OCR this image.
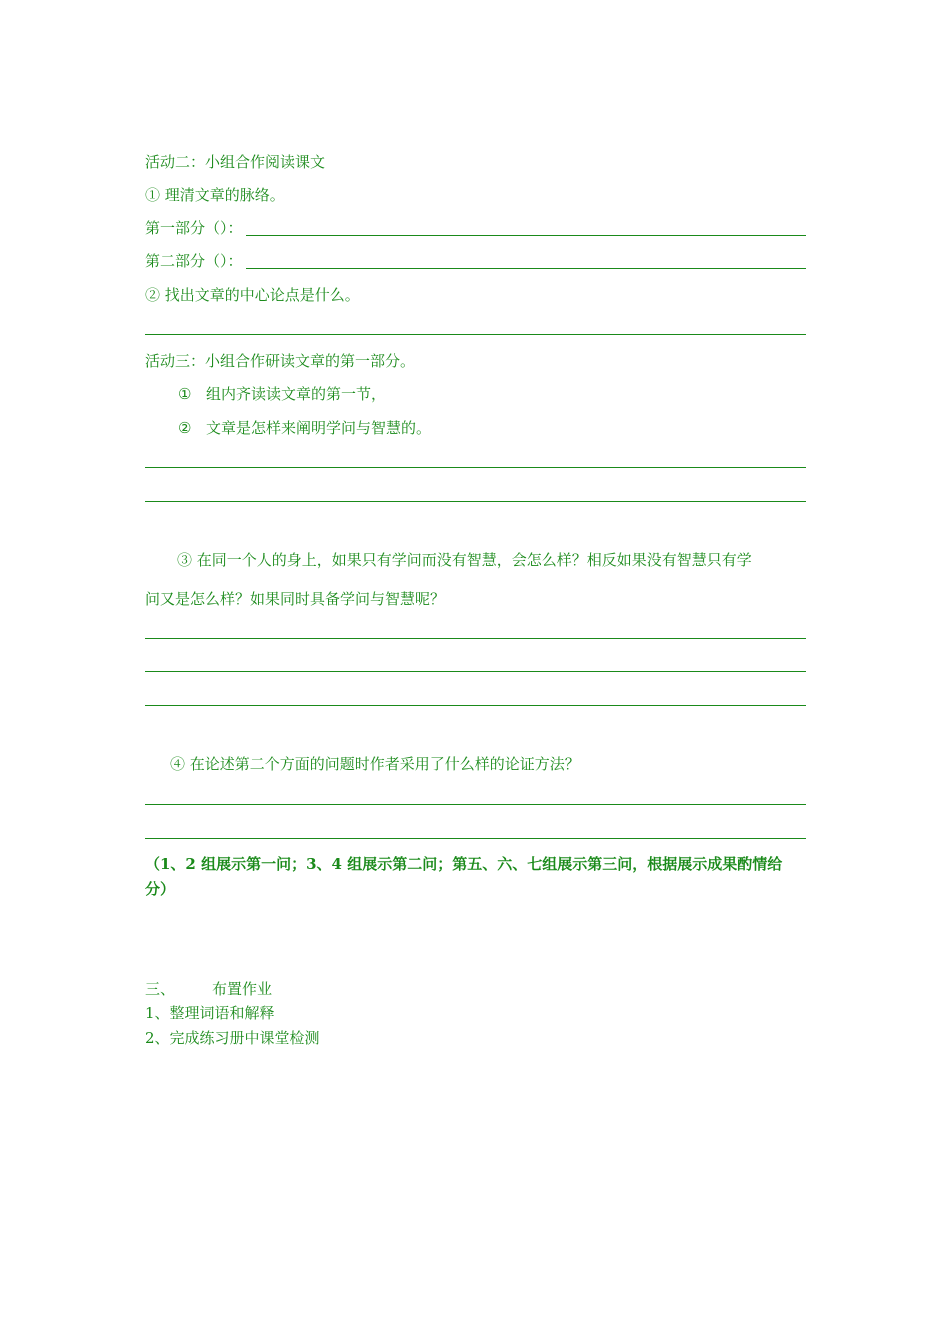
活动二：小组合作阅读课文
① 理清文章的脉络。
第一部分（）：
第二部分（）：
② 找出文章的中心论点是什么。
活动三：小组合作研读文章的第一部分。
① 组内齐读读文章的第一节，
② 文章是怎样来阐明学问与智慧的。
③ 在同一个人的身上，如果只有学问而没有智慧，会怎么样？相反如果没有智慧只有学
问又是怎么样？如果同时具备学问与智慧呢？
④ 在论述第二个方面的问题时作者采用了什么样的论证方法？
（1、2 组展示第一问；3、4 组展示第二问；第五、六、七组展示第三问，根据展示成果酌情给
分）
三、 布置作业
1、整理词语和解释
2、完成练习册中课堂检测
